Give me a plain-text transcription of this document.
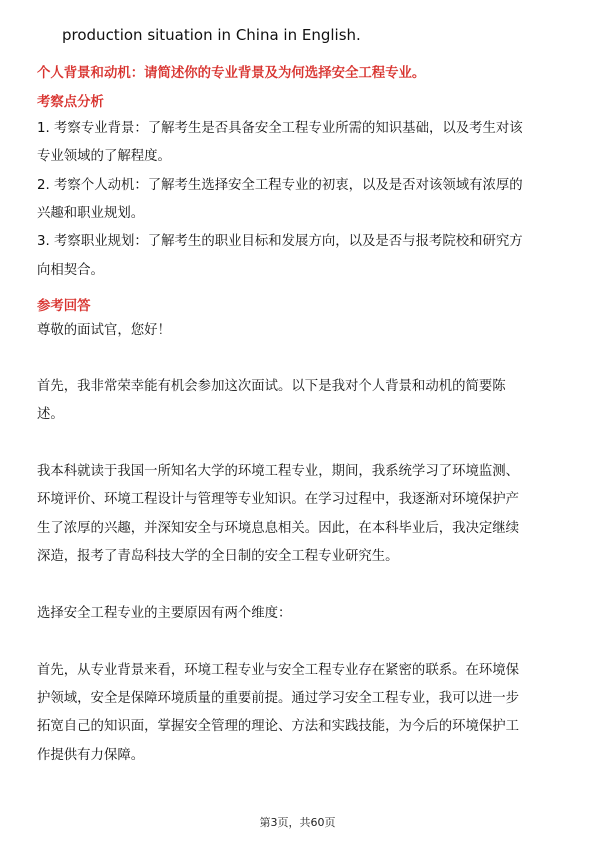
production situation in China in English.
个人背景和动机：请简述你的专业背景及为何选择安全工程专业。
考察点分析
1. 考察专业背景：了解考生是否具备安全工程专业所需的知识基础，以及考生对该
专业领域的了解程度。
2. 考察个人动机：了解考生选择安全工程专业的初衷，以及是否对该领域有浓厚的
兴趣和职业规划。
3. 考察职业规划：了解考生的职业目标和发展方向，以及是否与报考院校和研究方
向相契合。
参考回答
尊敬的面试官，您好！
首先，我非常荣幸能有机会参加这次面试。以下是我对个人背景和动机的简要陈
述。
我本科就读于我国一所知名大学的环境工程专业，期间，我系统学习了环境监测、
环境评价、环境工程设计与管理等专业知识。在学习过程中，我逐渐对环境保护产
生了浓厚的兴趣，并深知安全与环境息息相关。因此，在本科毕业后，我决定继续
深造，报考了青岛科技大学的全日制的安全工程专业研究生。
选择安全工程专业的主要原因有两个维度：
首先，从专业背景来看，环境工程专业与安全工程专业存在紧密的联系。在环境保
护领域，安全是保障环境质量的重要前提。通过学习安全工程专业，我可以进一步
拓宽自己的知识面，掌握安全管理的理论、方法和实践技能，为今后的环境保护工
作提供有力保障。
第3页，共60页
